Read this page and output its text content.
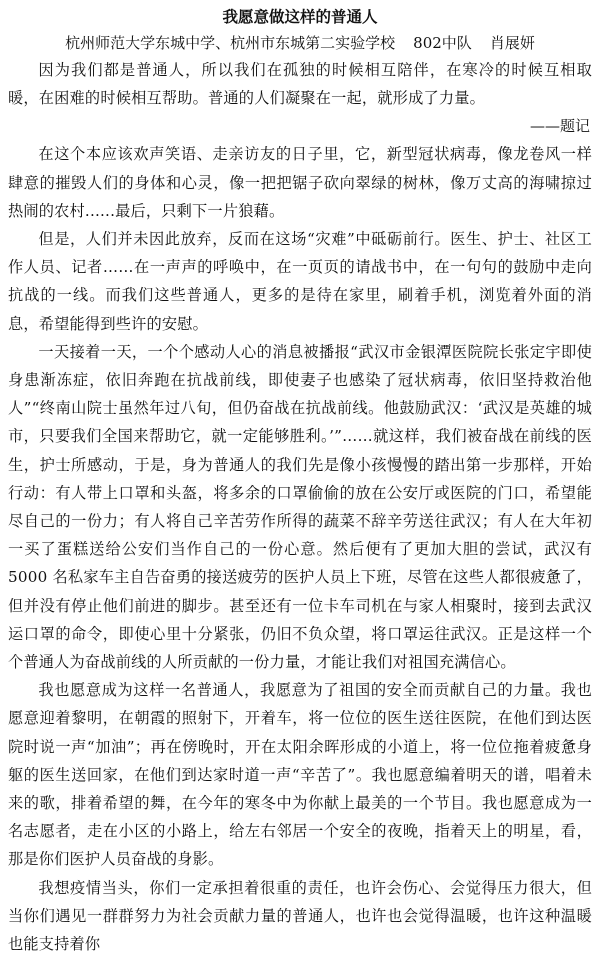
我愿意做这样的普通人
杭州师范大学东城中学、杭州市东城第二实验学校 802中队 肖展妍

因为我们都是普通人，所以我们在孤独的时候相互陪伴，在寒冷的时候互相取暖，在困难的时候相互帮助。普通的人们凝聚在一起，就形成了力量。

——题记

在这个本应该欢声笑语、走亲访友的日子里，它，新型冠状病毒，像龙卷风一样肆意的摧毁人们的身体和心灵，像一把把锯子砍向翠绿的树林，像万丈高的海啸掠过热闹的农村......最后，只剩下一片狼藉。

但是，人们并未因此放弃，反而在这场“灾难”中砥砺前行。医生、护士、社区工作人员、记者……在一声声的呼唤中，在一页页的请战书中，在一句句的鼓励中走向抗战的一线。而我们这些普通人，更多的是待在家里，刷着手机，浏览着外面的消息，希望能得到些许的安慰。

一天接着一天，一个个感动人心的消息被播报“武汉市金银潭医院院长张定宇即使身患渐冻症，依旧奔跑在抗战前线，即使妻子也感染了冠状病毒，依旧坚持救治他人”“终南山院士虽然年过八旬，但仍奋战在抗战前线。他鼓励武汉：‘武汉是英雄的城市，只要我们全国来帮助它，就一定能够胜利。’”……就这样，我们被奋战在前线的医生，护士所感动，于是，身为普通人的我们先是像小孩慢慢的踏出第一步那样，开始行动：有人带上口罩和头盔，将多余的口罩偷偷的放在公安厅或医院的门口，希望能尽自己的一份力；有人将自己辛苦劳作所得的蔬菜不辞辛劳送往武汉；有人在大年初一买了蛋糕送给公安们当作自己的一份心意。然后便有了更加大胆的尝试，武汉有 5000 名私家车主自告奋勇的接送疲劳的医护人员上下班，尽管在这些人都很疲惫了，但并没有停止他们前进的脚步。甚至还有一位卡车司机在与家人相聚时，接到去武汉运口罩的命令，即使心里十分紧张，仍旧不负众望，将口罩运往武汉。正是这样一个个普通人为奋战前线的人所贡献的一份力量，才能让我们对祖国充满信心。

我也愿意成为这样一名普通人，我愿意为了祖国的安全而贡献自己的力量。我也愿意迎着黎明，在朝霞的照射下，开着车，将一位位的医生送往医院，在他们到达医院时说一声“加油”；再在傍晚时，开在太阳余晖形成的小道上，将一位位拖着疲惫身躯的医生送回家，在他们到达家时道一声“辛苦了”。我也愿意编着明天的谱，唱着未来的歌，排着希望的舞，在今年的寒冬中为你献上最美的一个节目。我也愿意成为一名志愿者，走在小区的小路上，给左右邻居一个安全的夜晚，指着天上的明星，看，那是你们医护人员奋战的身影。

我想疫情当头，你们一定承担着很重的责任，也许会伤心、会觉得压力很大，但当你们遇见一群群努力为社会贡献力量的普通人，也许也会觉得温暖，也许这种温暖也能支持着你
